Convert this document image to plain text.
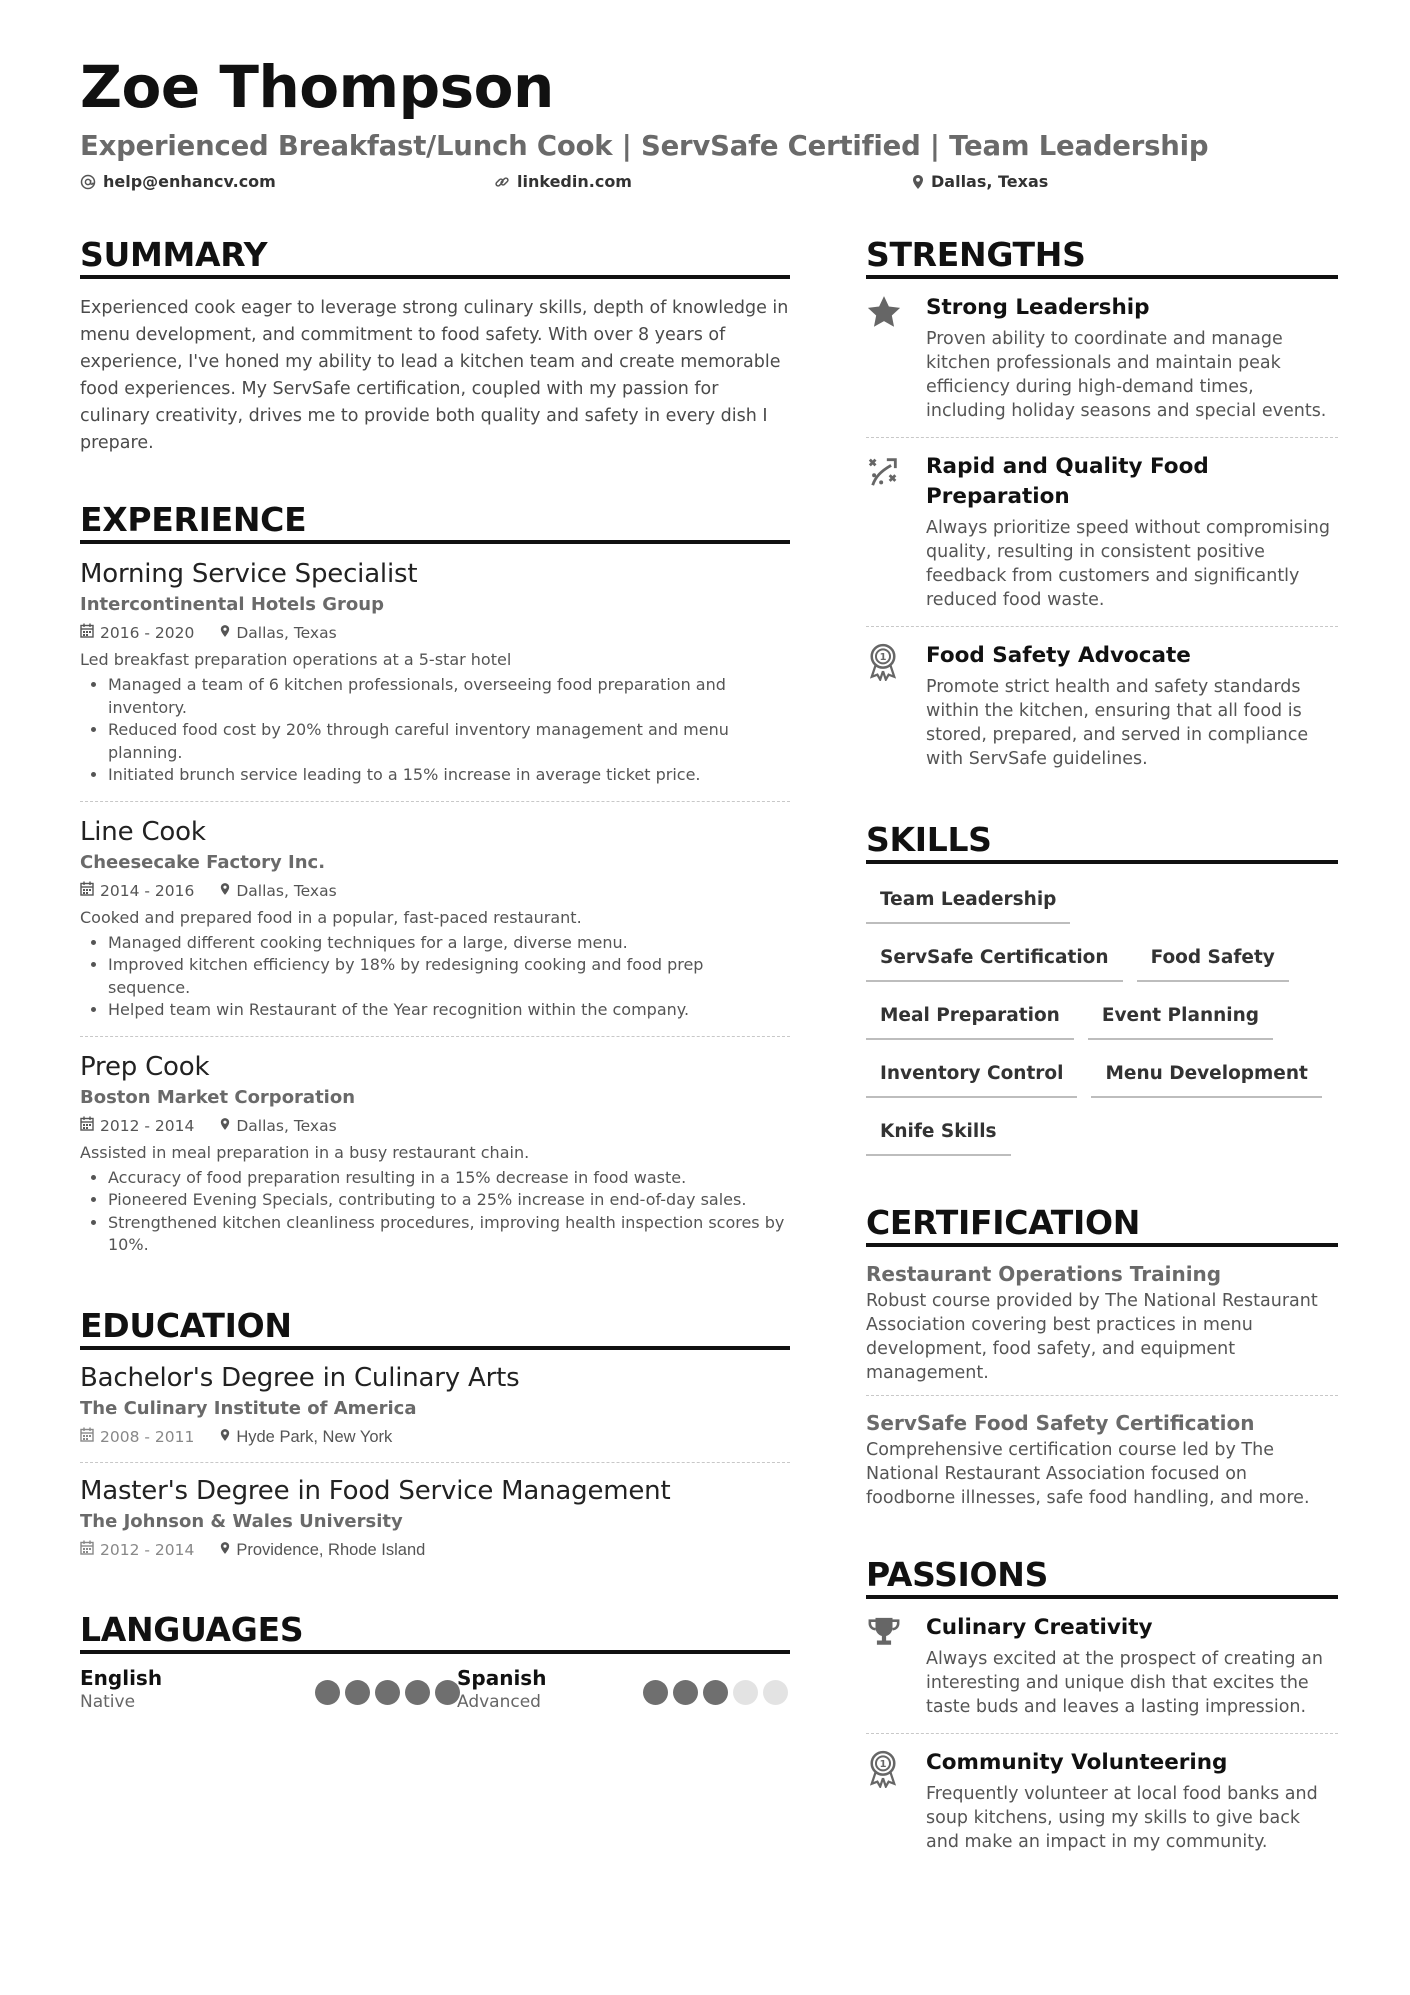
Zoe Thompson
Experienced Breakfast/Lunch Cook | ServSafe Certified | Team Leadership
help@enhancv.com	linkedin.com	Dallas, Texas
SUMMARY
Experienced cook eager to leverage strong culinary skills, depth of knowledge in menu development, and commitment to food safety. With over 8 years of experience, I've honed my ability to lead a kitchen team and create memorable food experiences. My ServSafe certification, coupled with my passion for culinary creativity, drives me to provide both quality and safety in every dish I prepare.
EXPERIENCE
Morning Service Specialist
Intercontinental Hotels Group
2016 - 2020	Dallas, Texas
Led breakfast preparation operations at a 5-star hotel
• Managed a team of 6 kitchen professionals, overseeing food preparation and inventory.
• Reduced food cost by 20% through careful inventory management and menu planning.
• Initiated brunch service leading to a 15% increase in average ticket price.
Line Cook
Cheesecake Factory Inc.
2014 - 2016	Dallas, Texas
Cooked and prepared food in a popular, fast-paced restaurant.
• Managed different cooking techniques for a large, diverse menu.
• Improved kitchen efficiency by 18% by redesigning cooking and food prep sequence.
• Helped team win Restaurant of the Year recognition within the company.
Prep Cook
Boston Market Corporation
2012 - 2014	Dallas, Texas
Assisted in meal preparation in a busy restaurant chain.
• Accuracy of food preparation resulting in a 15% decrease in food waste.
• Pioneered Evening Specials, contributing to a 25% increase in end-of-day sales.
• Strengthened kitchen cleanliness procedures, improving health inspection scores by 10%.
EDUCATION
Bachelor's Degree in Culinary Arts
The Culinary Institute of America
2008 - 2011	Hyde Park, New York
Master's Degree in Food Service Management
The Johnson & Wales University
2012 - 2014	Providence, Rhode Island
LANGUAGES
English
Native
Spanish
Advanced
STRENGTHS
Strong Leadership
Proven ability to coordinate and manage kitchen professionals and maintain peak efficiency during high-demand times, including holiday seasons and special events.
Rapid and Quality Food Preparation
Always prioritize speed without compromising quality, resulting in consistent positive feedback from customers and significantly reduced food waste.
1 Food Safety Advocate
Promote strict health and safety standards within the kitchen, ensuring that all food is stored, prepared, and served in compliance with ServSafe guidelines.
SKILLS
Team Leadership
ServSafe Certification	Food Safety
Meal Preparation	Event Planning
Inventory Control	Menu Development
Knife Skills
CERTIFICATION
Restaurant Operations Training
Robust course provided by The National Restaurant Association covering best practices in menu development, food safety, and equipment management.
ServSafe Food Safety Certification
Comprehensive certification course led by The National Restaurant Association focused on foodborne illnesses, safe food handling, and more.
PASSIONS
Culinary Creativity
Always excited at the prospect of creating an interesting and unique dish that excites the taste buds and leaves a lasting impression.
1 Community Volunteering
Frequently volunteer at local food banks and soup kitchens, using my skills to give back and make an impact in my community.
